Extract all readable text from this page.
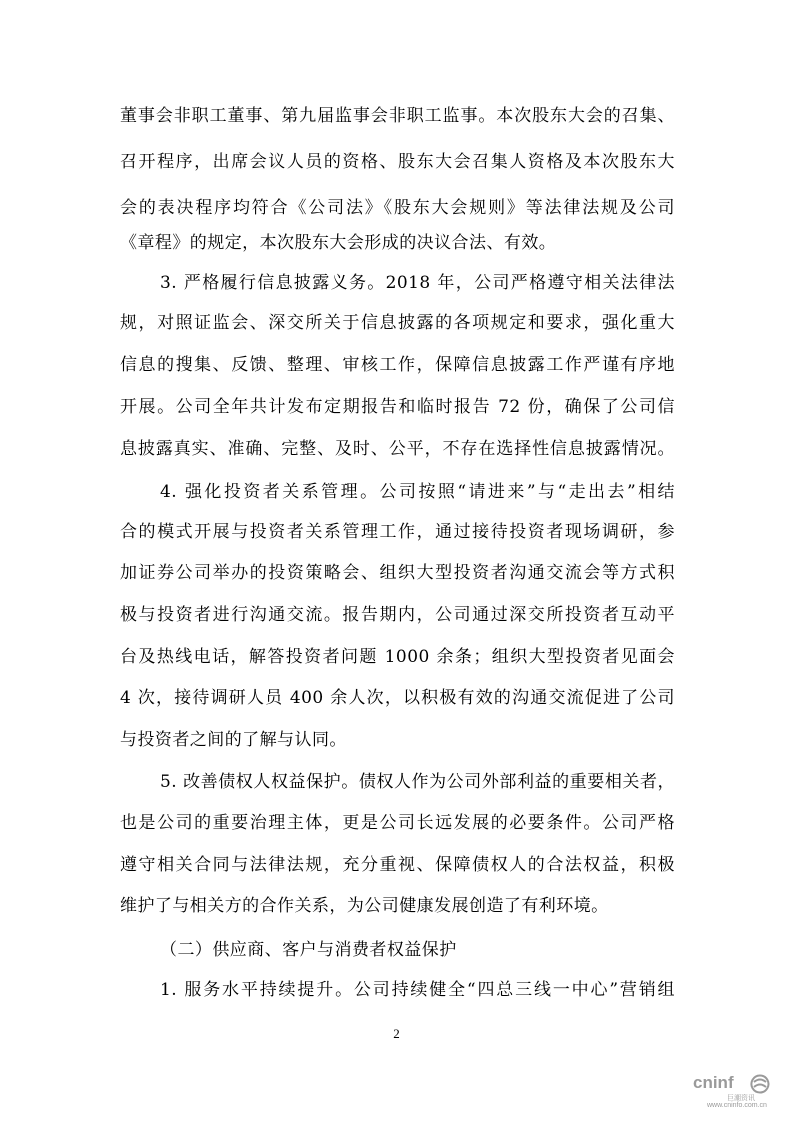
董事会非职工董事、第九届监事会非职工监事。本次股东大会的召集、
召开程序，出席会议人员的资格、股东大会召集人资格及本次股东大
会的表决程序均符合《公司法》《股东大会规则》等法律法规及公司
《章程》的规定，本次股东大会形成的决议合法、有效。
3. 严格履行信息披露义务。2018 年，公司严格遵守相关法律法
规，对照证监会、深交所关于信息披露的各项规定和要求，强化重大
信息的搜集、反馈、整理、审核工作，保障信息披露工作严谨有序地
开展。公司全年共计发布定期报告和临时报告 72 份，确保了公司信
息披露真实、准确、完整、及时、公平，不存在选择性信息披露情况。
4. 强化投资者关系管理。公司按照“请进来”与“走出去”相结
合的模式开展与投资者关系管理工作，通过接待投资者现场调研，参
加证券公司举办的投资策略会、组织大型投资者沟通交流会等方式积
极与投资者进行沟通交流。报告期内，公司通过深交所投资者互动平
台及热线电话，解答投资者问题 1000 余条；组织大型投资者见面会
4 次，接待调研人员 400 余人次，以积极有效的沟通交流促进了公司
与投资者之间的了解与认同。
5. 改善债权人权益保护。债权人作为公司外部利益的重要相关者，
也是公司的重要治理主体，更是公司长远发展的必要条件。公司严格
遵守相关合同与法律法规，充分重视、保障债权人的合法权益，积极
维护了与相关方的合作关系，为公司健康发展创造了有利环境。
（二）供应商、客户与消费者权益保护
1. 服务水平持续提升。公司持续健全“四总三线一中心”营销组
2
cninf
巨潮资讯
www.cninfo.com.cn
